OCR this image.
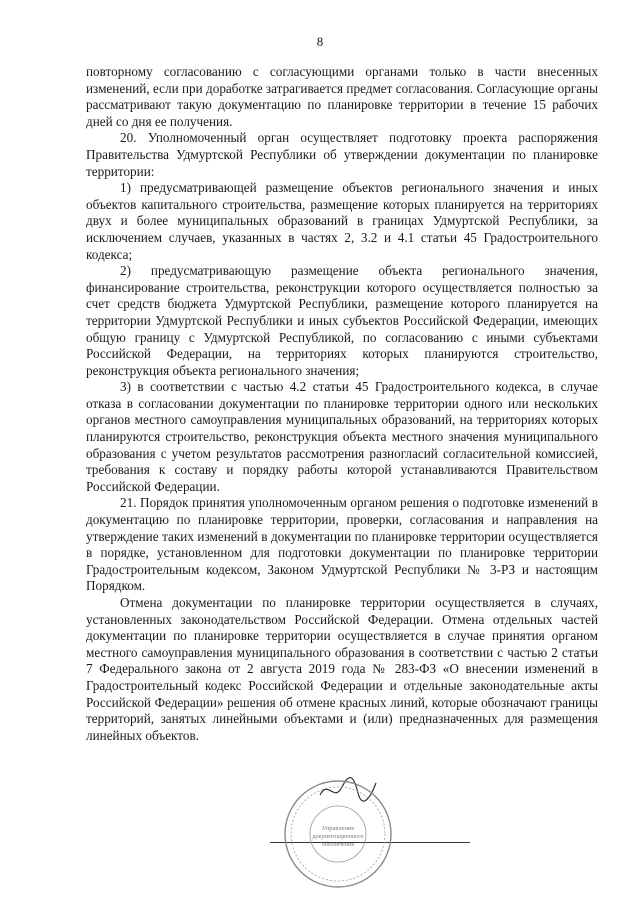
8

повторному согласованию с согласующими органами только в части внесенных изменений, если при доработке затрагивается предмет согласования. Согласующие органы рассматривают такую документацию по планировке территории в течение 15 рабочих дней со дня ее получения.

20. Уполномоченный орган осуществляет подготовку проекта распоряжения Правительства Удмуртской Республики об утверждении документации по планировке территории:

1) предусматривающей размещение объектов регионального значения и иных объектов капитального строительства, размещение которых планируется на территориях двух и более муниципальных образований в границах Удмуртской Республики, за исключением случаев, указанных в частях 2, 3.2 и 4.1 статьи 45 Градостроительного кодекса;

2) предусматривающую размещение объекта регионального значения, финансирование строительства, реконструкции которого осуществляется полностью за счет средств бюджета Удмуртской Республики, размещение которого планируется на территории Удмуртской Республики и иных субъектов Российской Федерации, имеющих общую границу с Удмуртской Республикой, по согласованию с иными субъектами Российской Федерации, на территориях которых планируются строительство, реконструкция объекта регионального значения;

3) в соответствии с частью 4.2 статьи 45 Градостроительного кодекса, в случае отказа в согласовании документации по планировке территории одного или нескольких органов местного самоуправления муниципальных образований, на территориях которых планируются строительство, реконструкция объекта местного значения муниципального образования с учетом результатов рассмотрения разногласий согласительной комиссией, требования к составу и порядку работы которой устанавливаются Правительством Российской Федерации.

21. Порядок принятия уполномоченным органом решения о подготовке изменений в документацию по планировке территории, проверки, согласования и направления на утверждение таких изменений в документации по планировке территории осуществляется в порядке, установленном для подготовки документации по планировке территории Градостроительным кодексом, Законом Удмуртской Республики № 3-РЗ и настоящим Порядком.

Отмена документации по планировке территории осуществляется в случаях, установленных законодательством Российской Федерации. Отмена отдельных частей документации по планировке территории осуществляется в случае принятия органом местного самоуправления муниципального образования в соответствии с частью 2 статьи 7 Федерального закона от 2 августа 2019 года № 283-ФЗ «О внесении изменений в Градостроительный кодекс Российской Федерации и отдельные законодательные акты Российской Федерации» решения об отмене красных линий, которые обозначают границы территорий, занятых линейными объектами и (или) предназначенных для размещения линейных объектов.

Управление
документационного
обеспечения
